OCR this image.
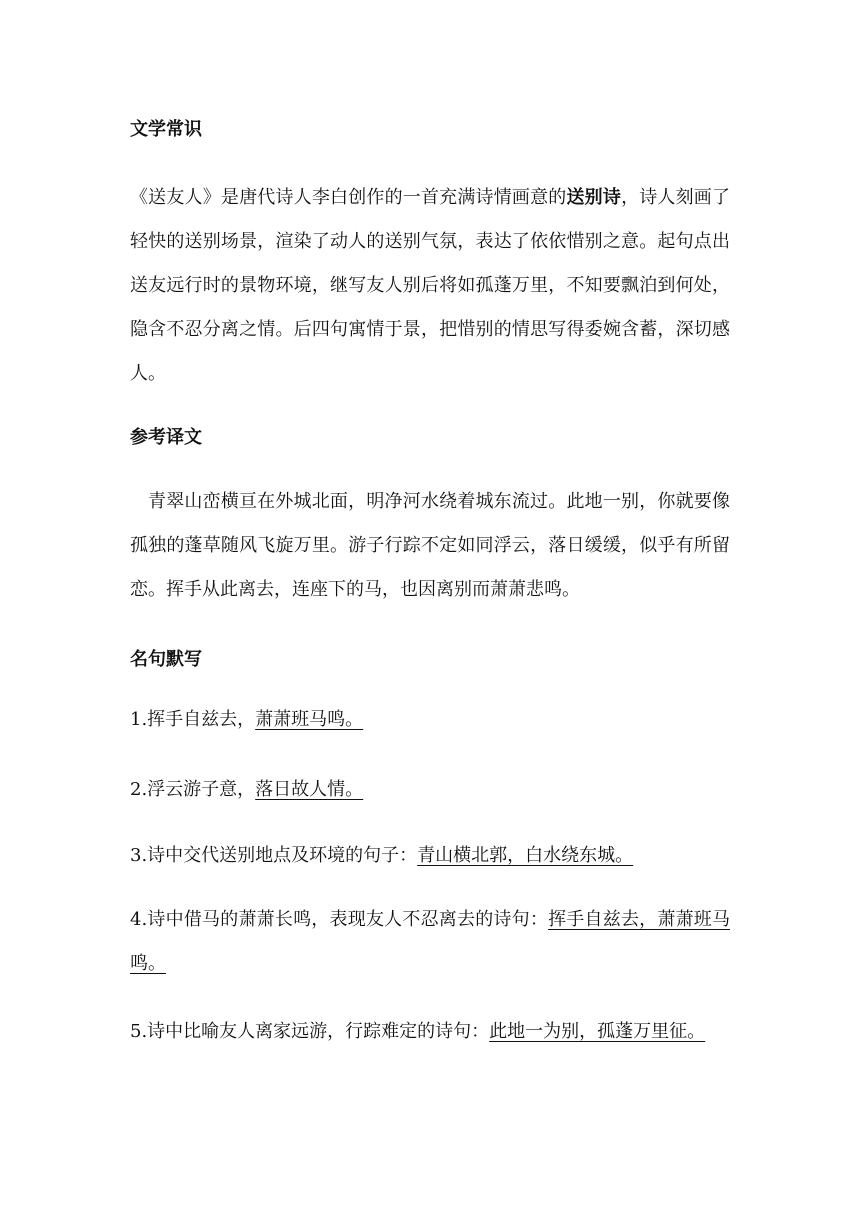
文学常识
《送友人》是唐代诗人李白创作的一首充满诗情画意的送别诗，诗人刻画了
轻快的送别场景，渲染了动人的送别气氛，表达了依依惜别之意。起句点出
送友远行时的景物环境，继写友人别后将如孤蓬万里，不知要飘泊到何处，
隐含不忍分离之情。后四句寓情于景，把惜别的情思写得委婉含蓄，深切感
人。
参考译文
青翠山峦横亘在外城北面，明净河水绕着城东流过。此地一别，你就要像
孤独的蓬草随风飞旋万里。游子行踪不定如同浮云，落日缓缓，似乎有所留
恋。挥手从此离去，连座下的马，也因离别而萧萧悲鸣。
名句默写
1.挥手自兹去，萧萧班马鸣。
2.浮云游子意，落日故人情。
3.诗中交代送别地点及环境的句子：青山横北郭，白水绕东城。
4.诗中借马的萧萧长鸣，表现友人不忍离去的诗句：挥手自兹去，萧萧班马
鸣。
5.诗中比喻友人离家远游，行踪难定的诗句：此地一为别，孤蓬万里征。
